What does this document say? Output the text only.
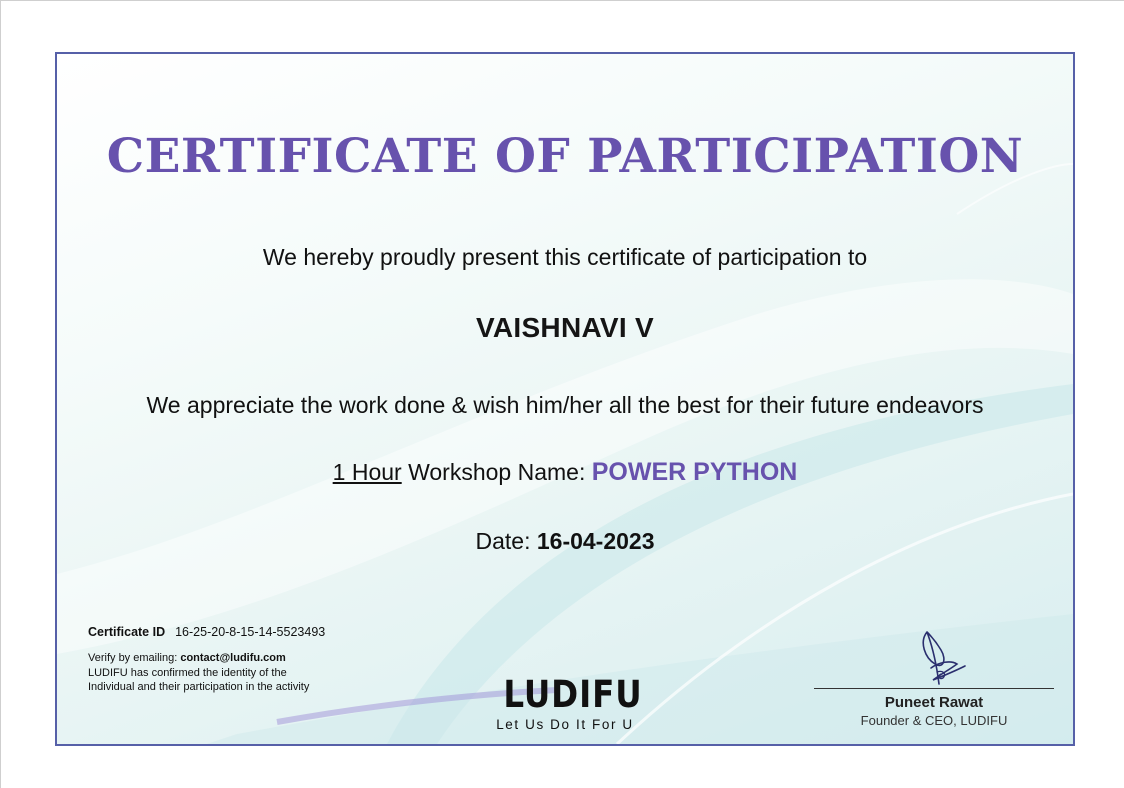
CERTIFICATE OF PARTICIPATION

We hereby proudly present this certificate of participation to

VAISHNAVI V

We appreciate the work done & wish him/her all the best for their future endeavors

1 Hour Workshop Name: POWER PYTHON

Date: 16-04-2023

Certificate ID 16-25-20-8-15-14-5523493
Verify by emailing: contact@ludifu.com
LUDIFU has confirmed the identity of the Individual and their participation in the activity	LUDIFU
Let Us Do It For U
Puneet Rawat
Founder & CEO, LUDIFU
